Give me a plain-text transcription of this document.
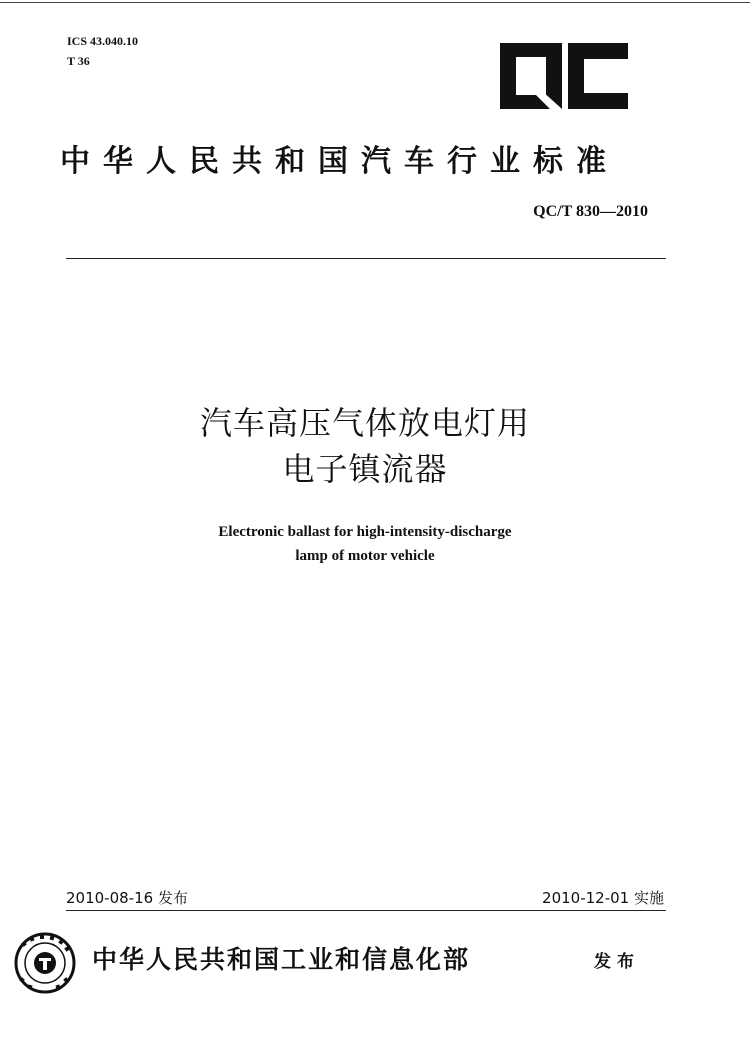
ICS 43.040.10
T 36
中华人民共和国汽车行业标准
QC/T 830—2010
汽车高压气体放电灯用
电子镇流器
Electronic ballast for high-intensity-discharge
lamp of motor vehicle
2010-08-16 发布	2010-12-01 实施
中华人民共和国工业和信息化部	发布
